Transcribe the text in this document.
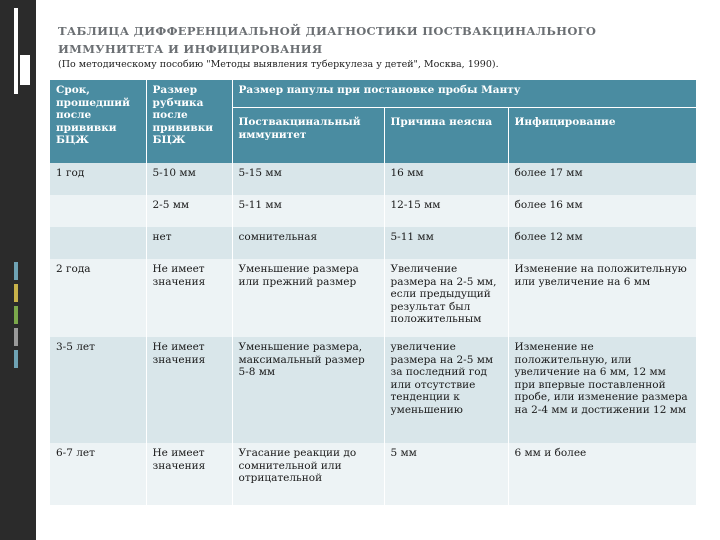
ТАБЛИЦА ДИФФЕРЕНЦИАЛЬНОЙ ДИАГНОСТИКИ ПОСТВАКЦИНАЛЬНОГО ИММУНИТЕТА И ИНФИЦИРОВАНИЯ
(По методическому пособию "Методы выявления туберкулеза у детей", Москва, 1990).
Срок, прошедший после прививки БЦЖ	Размер рубчика после прививки БЦЖ	Размер папулы при постановке пробы Манту		
		Поствакцинальный иммунитет	Причина неясна	Инфицирование
1 год	5-10 мм	5-15 мм	16 мм	более 17 мм
	2-5 мм	5-11 мм	12-15 мм	более 16 мм
	нет	сомнительная	5-11 мм	более 12 мм
2 года	Не имеет значения	Уменьшение размера или прежний размер	Увеличение размера на 2-5 мм, если предыдущий результат был положительным	Изменение на положительную или увеличение на 6 мм
3-5 лет	Не имеет значения	Уменьшение размера, максимальный размер 5-8 мм	увеличение размера на 2-5 мм за последний год или отсутствие тенденции к уменьшению	Изменение не положительную, или увеличение на 6 мм, 12 мм при впервые поставленной пробе, или изменение размера на 2-4 мм и достижении 12 мм
6-7 лет	Не имеет значения	Угасание реакции до сомнительной или отрицательной	5 мм	6 мм и более
